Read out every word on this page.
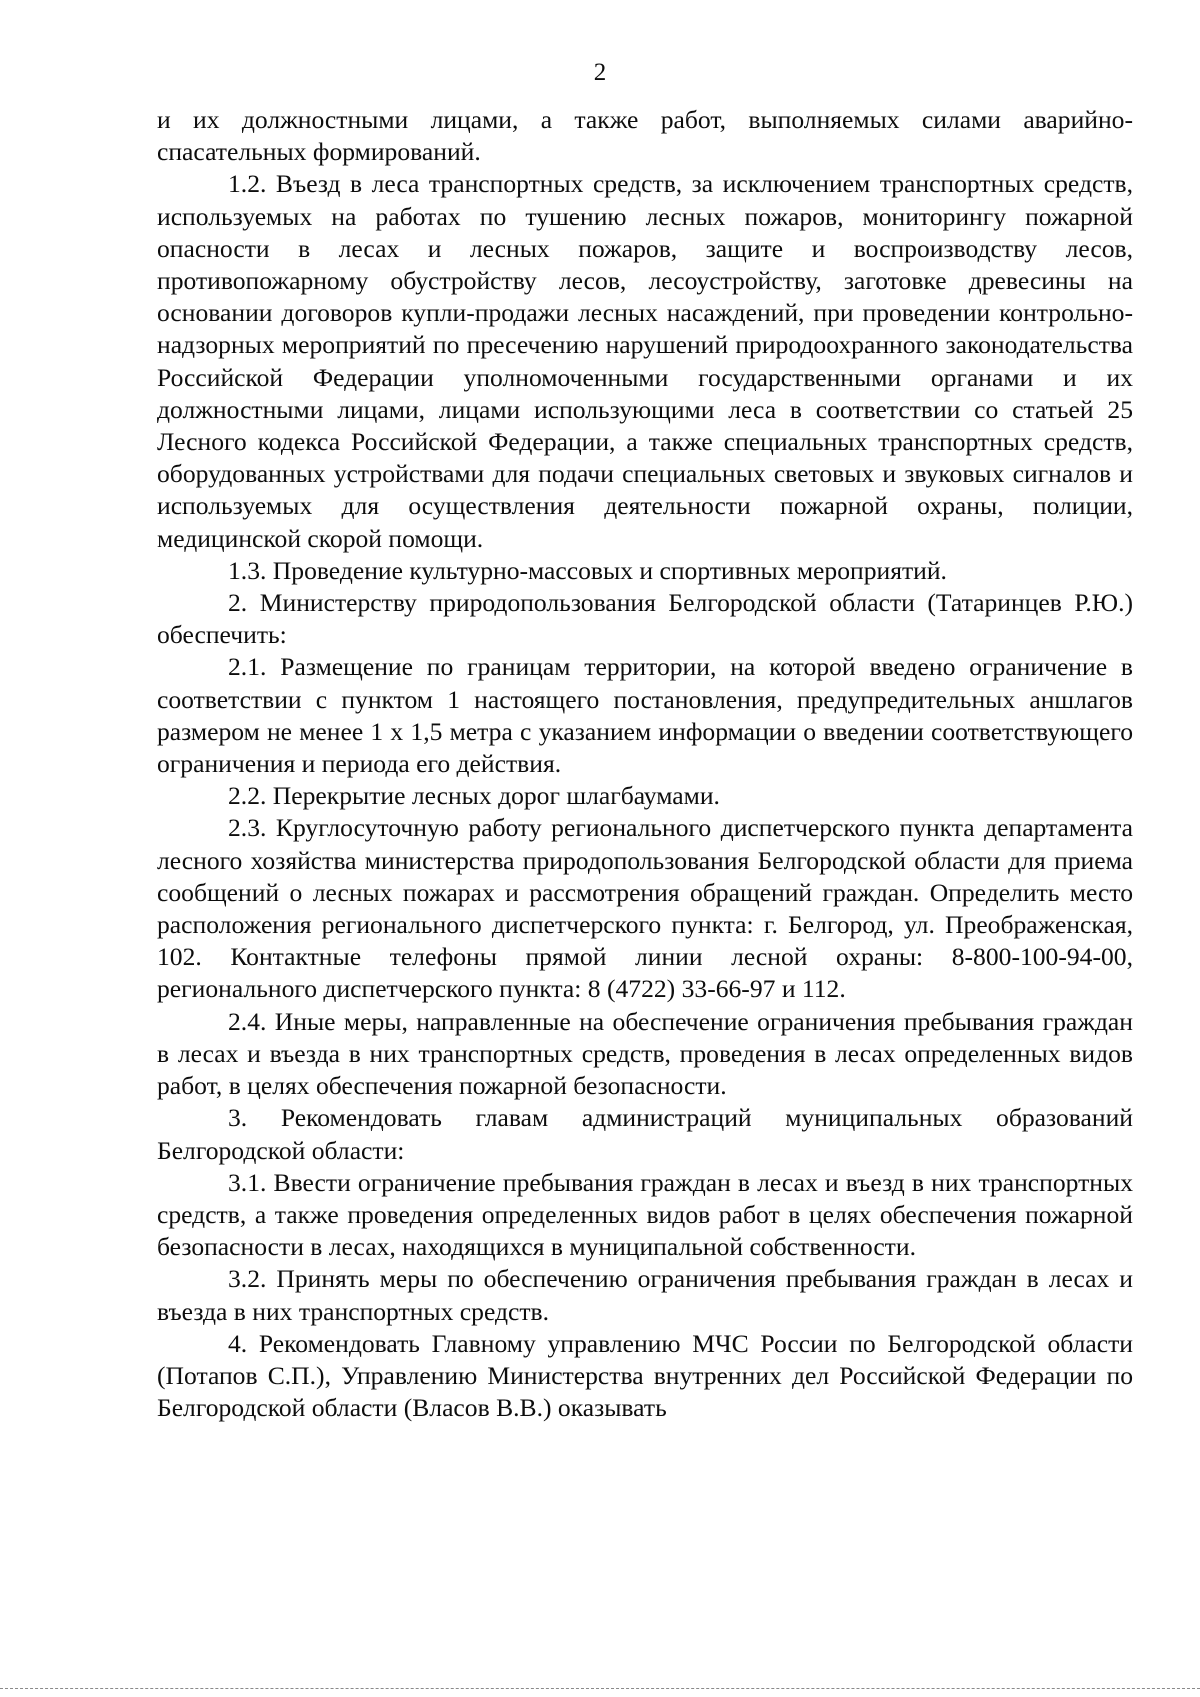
2

и их должностными лицами, а также работ, выполняемых силами аварийно-спасательных формирований.

1.2. Въезд в леса транспортных средств, за исключением транспортных средств, используемых на работах по тушению лесных пожаров, мониторингу пожарной опасности в лесах и лесных пожаров, защите и воспроизводству лесов, противопожарному обустройству лесов, лесоустройству, заготовке древесины на основании договоров купли-продажи лесных насаждений, при проведении контрольно-надзорных мероприятий по пресечению нарушений природоохранного законодательства Российской Федерации уполномоченными государственными органами и их должностными лицами, лицами использующими леса в соответствии со статьей 25 Лесного кодекса Российской Федерации, а также специальных транспортных средств, оборудованных устройствами для подачи специальных световых и звуковых сигналов и используемых для осуществления деятельности пожарной охраны, полиции, медицинской скорой помощи.

1.3. Проведение культурно-массовых и спортивных мероприятий.

2. Министерству природопользования Белгородской области (Татаринцев Р.Ю.) обеспечить:

2.1. Размещение по границам территории, на которой введено ограничение в соответствии с пунктом 1 настоящего постановления, предупредительных аншлагов размером не менее 1 х 1,5 метра с указанием информации о введении соответствующего ограничения и периода его действия.

2.2. Перекрытие лесных дорог шлагбаумами.

2.3. Круглосуточную работу регионального диспетчерского пункта департамента лесного хозяйства министерства природопользования Белгородской области для приема сообщений о лесных пожарах и рассмотрения обращений граждан. Определить место расположения регионального диспетчерского пункта: г. Белгород, ул. Преображенская, 102. Контактные телефоны прямой линии лесной охраны: 8-800-100-94-00, регионального диспетчерского пункта: 8 (4722) 33-66-97 и 112.

2.4. Иные меры, направленные на обеспечение ограничения пребывания граждан в лесах и въезда в них транспортных средств, проведения в лесах определенных видов работ, в целях обеспечения пожарной безопасности.

3. Рекомендовать главам администраций муниципальных образований Белгородской области:

3.1. Ввести ограничение пребывания граждан в лесах и въезд в них транспортных средств, а также проведения определенных видов работ в целях обеспечения пожарной безопасности в лесах, находящихся в муниципальной собственности.

3.2. Принять меры по обеспечению ограничения пребывания граждан в лесах и въезда в них транспортных средств.

4. Рекомендовать Главному управлению МЧС России по Белгородской области (Потапов С.П.), Управлению Министерства внутренних дел Российской Федерации по Белгородской области (Власов В.В.) оказывать
